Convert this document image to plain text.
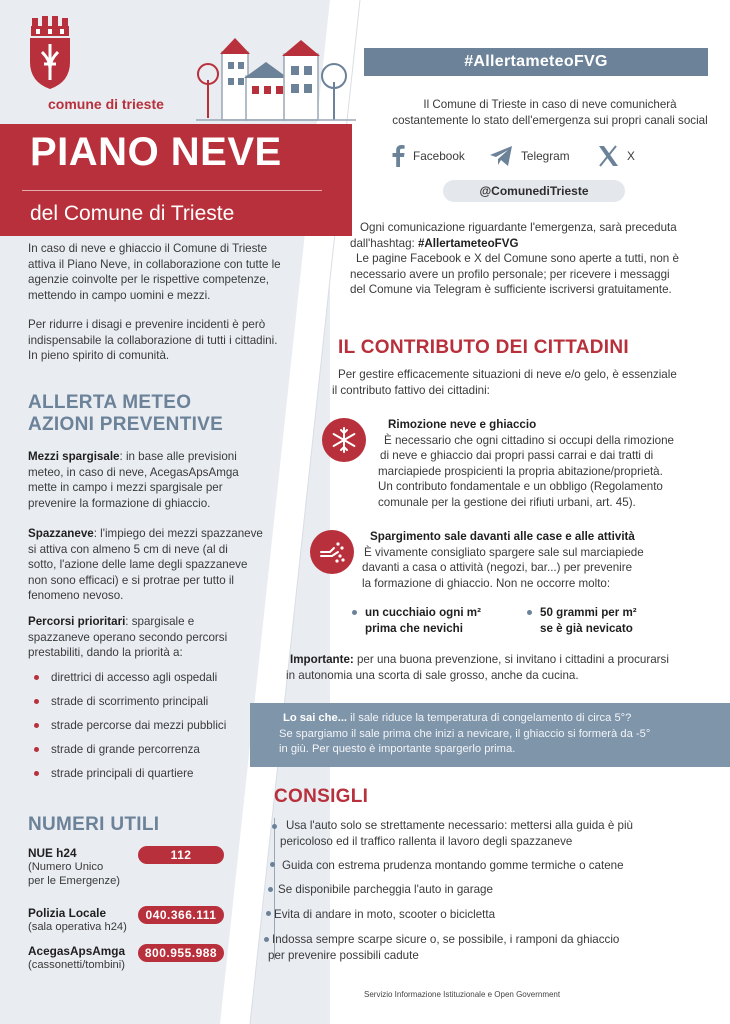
comune di trieste
PIANO NEVE
del Comune di Trieste
In caso di neve e ghiaccio il Comune di Trieste
attiva il Piano Neve, in collaborazione con tutte le
agenzie coinvolte per le rispettive competenze,
mettendo in campo uomini e mezzi.
Per ridurre i disagi e prevenire incidenti è però
indispensabile la collaborazione di tutti i cittadini.
In pieno spirito di comunità.
ALLERTA METEO
AZIONI PREVENTIVE
Mezzi spargisale: in base alle previsioni
meteo, in caso di neve, AcegasApsAmga
mette in campo i mezzi spargisale per
prevenire la formazione di ghiaccio.
Spazzaneve: l'impiego dei mezzi spazzaneve
si attiva con almeno 5 cm di neve (al di
sotto, l'azione delle lame degli spazzaneve
non sono efficaci) e si protrae per tutto il
fenomeno nevoso.
Percorsi prioritari: spargisale e
spazzaneve operano secondo percorsi
prestabiliti, dando la priorità a:
direttrici di accesso agli ospedali
strade di scorrimento principali
strade percorse dai mezzi pubblici
strade di grande percorrenza
strade principali di quartiere
NUMERI UTILI
NUE h24
(Numero Unico
per le Emergenze)
112
Polizia Locale
(sala operativa h24)
040.366.111
AcegasApsAmga
(cassonetti/tombini)
800.955.988
#AllertameteoFVG
Il Comune di Trieste in caso di neve comunicherà
costantemente lo stato dell'emergenza sui propri canali social
Facebook	Telegram	X
@ComunediTrieste
Ogni comunicazione riguardante l'emergenza, sarà preceduta
dall'hashtag: #AllertameteoFVG
Le pagine Facebook e X del Comune sono aperte a tutti, non è
necessario avere un profilo personale; per ricevere i messaggi
del Comune via Telegram è sufficiente iscriversi gratuitamente.
IL CONTRIBUTO DEI CITTADINI
Per gestire efficacemente situazioni di neve e/o gelo, è essenziale
il contributo fattivo dei cittadini:
Rimozione neve e ghiaccio
È necessario che ogni cittadino si occupi della rimozione
di neve e ghiaccio dai propri passi carrai e dai tratti di
marciapiede prospicienti la propria abitazione/proprietà.
Un contributo fondamentale e un obbligo (Regolamento
comunale per la gestione dei rifiuti urbani, art. 45).
Spargimento sale davanti alle case e alle attività
È vivamente consigliato spargere sale sul marciapiede
davanti a casa o attività (negozi, bar...) per prevenire
la formazione di ghiaccio. Non ne occorre molto:
un cucchiaio ogni m²
prima che nevichi
50 grammi per m²
se è già nevicato
Importante: per una buona prevenzione, si invitano i cittadini a procurarsi
in autonomia una scorta di sale grosso, anche da cucina.
Lo sai che... il sale riduce la temperatura di congelamento di circa 5°?
Se spargiamo il sale prima che inizi a nevicare, il ghiaccio si formerà da -5°
in giù. Per questo è importante spargerlo prima.
CONSIGLI
Usa l'auto solo se strettamente necessario: mettersi alla guida è più
pericoloso ed il traffico rallenta il lavoro degli spazzaneve
Guida con estrema prudenza montando gomme termiche o catene
Se disponibile parcheggia l'auto in garage
Evita di andare in moto, scooter o bicicletta
Indossa sempre scarpe sicure o, se possibile, i ramponi da ghiaccio
per prevenire possibili cadute
Servizio Informazione Istituzionale e Open Government
